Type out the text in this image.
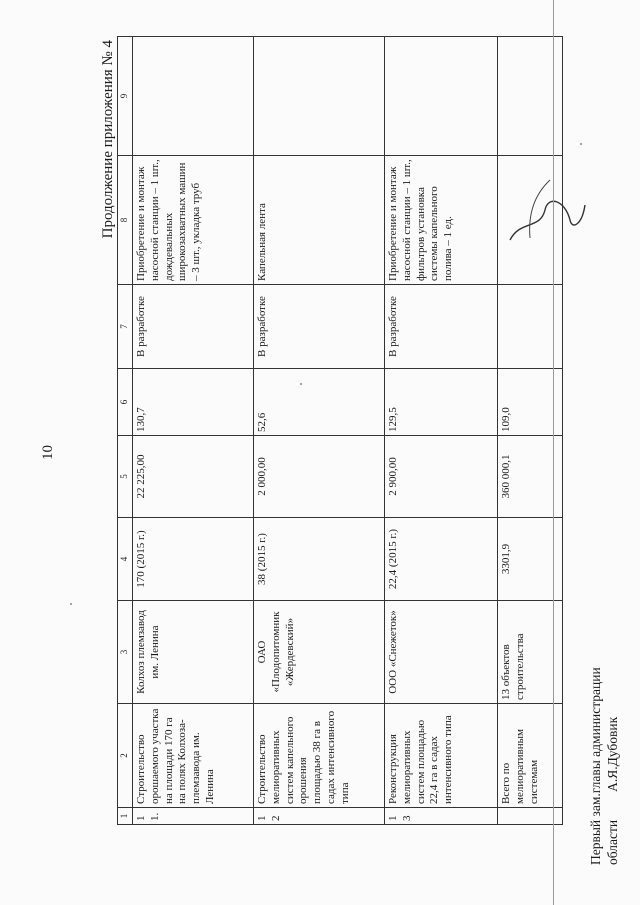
10
Продолжение приложения № 4
1	2	3	4	5	6	7	8	9
11.	Строительство орошаемого участка на площади 170 га на полях Колхоза-племзавода им. Ленина	Колхоз племзавод им. Ленина	170 (2015 г.)	22 225,00	130,7	В разработке	Приобретение и монтаж насосной станции – 1 шт., дождевальных широкозахватных машин – 3 шт., укладка труб	
12	Строительство мелиоративных систем капельного орошения площадью 38 га в садах интенсивного типа	ОАО «Плодопитомник «Жердевский»	38 (2015 г.)	2 000,00	52,6	В разработке	Капельная лента	
13	Реконструкция мелиоративных систем площадью 22,4 га в садах интенсивного типа	ООО «Снежеток»	22,4 (2015 г.)	2 900,00	129,5	В разработке	Приобретение и монтаж насосной станции – 1 шт., фильтров установка системы капельного полива – 1 ед.	
	Всего по мелиоративным системам	13 объектов строительства	3301,9	360 000,1	109,0			
Первый зам.главы администрации областиА.Я.Дубовик
